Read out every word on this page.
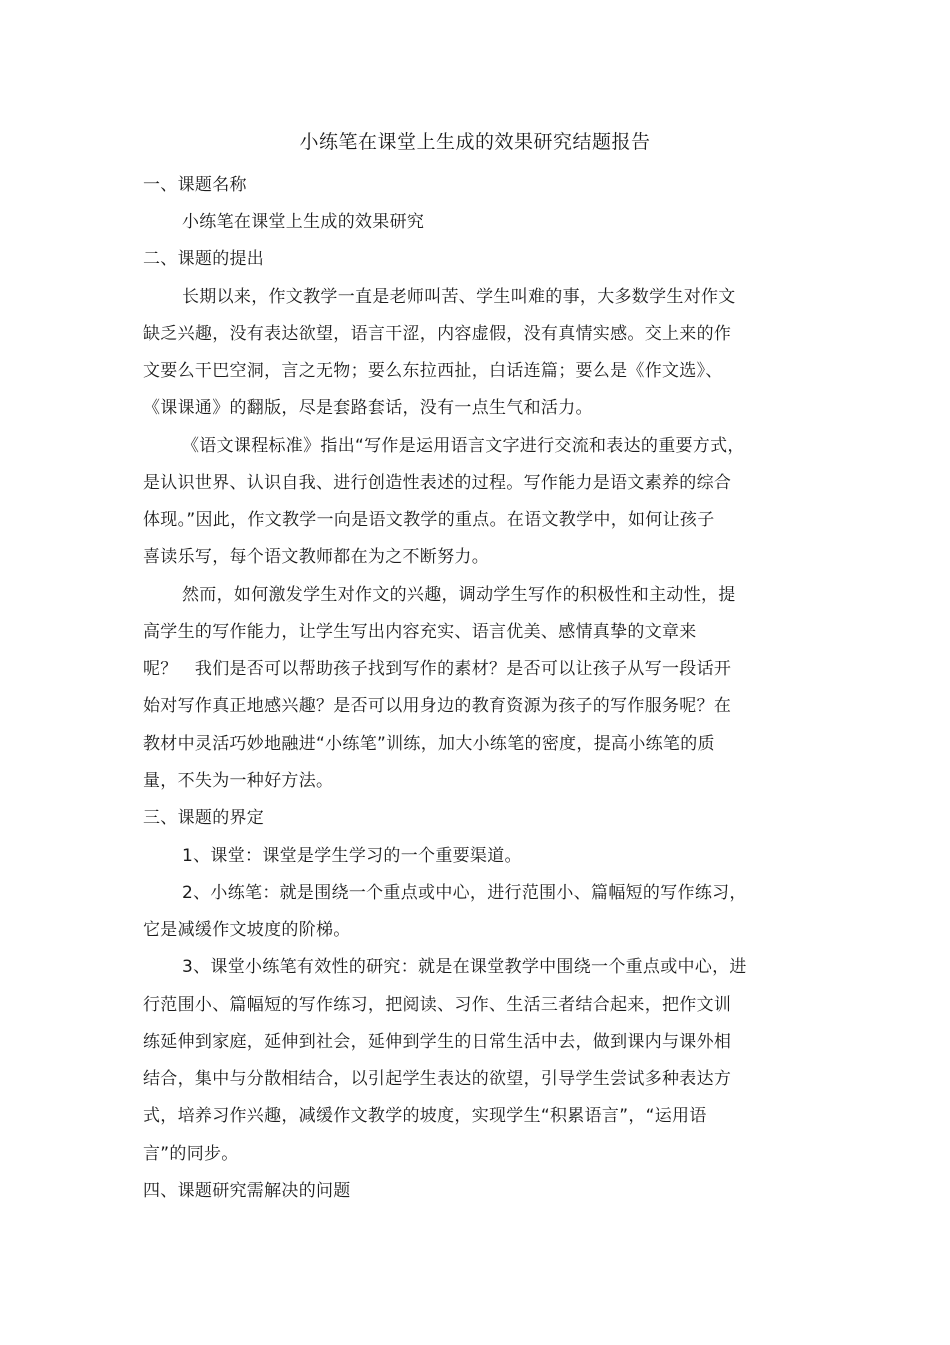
小练笔在课堂上生成的效果研究结题报告
一、课题名称
小练笔在课堂上生成的效果研究
二、课题的提出
长期以来，作文教学一直是老师叫苦、学生叫难的事，大多数学生对作文
缺乏兴趣，没有表达欲望，语言干涩，内容虚假，没有真情实感。交上来的作
文要么干巴空洞，言之无物；要么东拉西扯，白话连篇；要么是《作文选》、
《课课通》的翻版，尽是套路套话，没有一点生气和活力。
《语文课程标准》指出“写作是运用语言文字进行交流和表达的重要方式，
是认识世界、认识自我、进行创造性表述的过程。写作能力是语文素养的综合
体现。”因此，作文教学一向是语文教学的重点。在语文教学中，如何让孩子
喜读乐写，每个语文教师都在为之不断努力。
然而，如何激发学生对作文的兴趣，调动学生写作的积极性和主动性，提
高学生的写作能力，让学生写出内容充实、语言优美、感情真挚的文章来
呢？　我们是否可以帮助孩子找到写作的素材？是否可以让孩子从写一段话开
始对写作真正地感兴趣？是否可以用身边的教育资源为孩子的写作服务呢？在
教材中灵活巧妙地融进“小练笔”训练，加大小练笔的密度，提高小练笔的质
量，不失为一种好方法。
三、课题的界定
1、课堂：课堂是学生学习的一个重要渠道。
2、小练笔：就是围绕一个重点或中心，进行范围小、篇幅短的写作练习，
它是减缓作文坡度的阶梯。
3、课堂小练笔有效性的研究：就是在课堂教学中围绕一个重点或中心，进
行范围小、篇幅短的写作练习，把阅读、习作、生活三者结合起来，把作文训
练延伸到家庭，延伸到社会，延伸到学生的日常生活中去，做到课内与课外相
结合，集中与分散相结合，以引起学生表达的欲望，引导学生尝试多种表达方
式，培养习作兴趣，减缓作文教学的坡度，实现学生“积累语言”，“运用语
言”的同步。
四、课题研究需解决的问题
